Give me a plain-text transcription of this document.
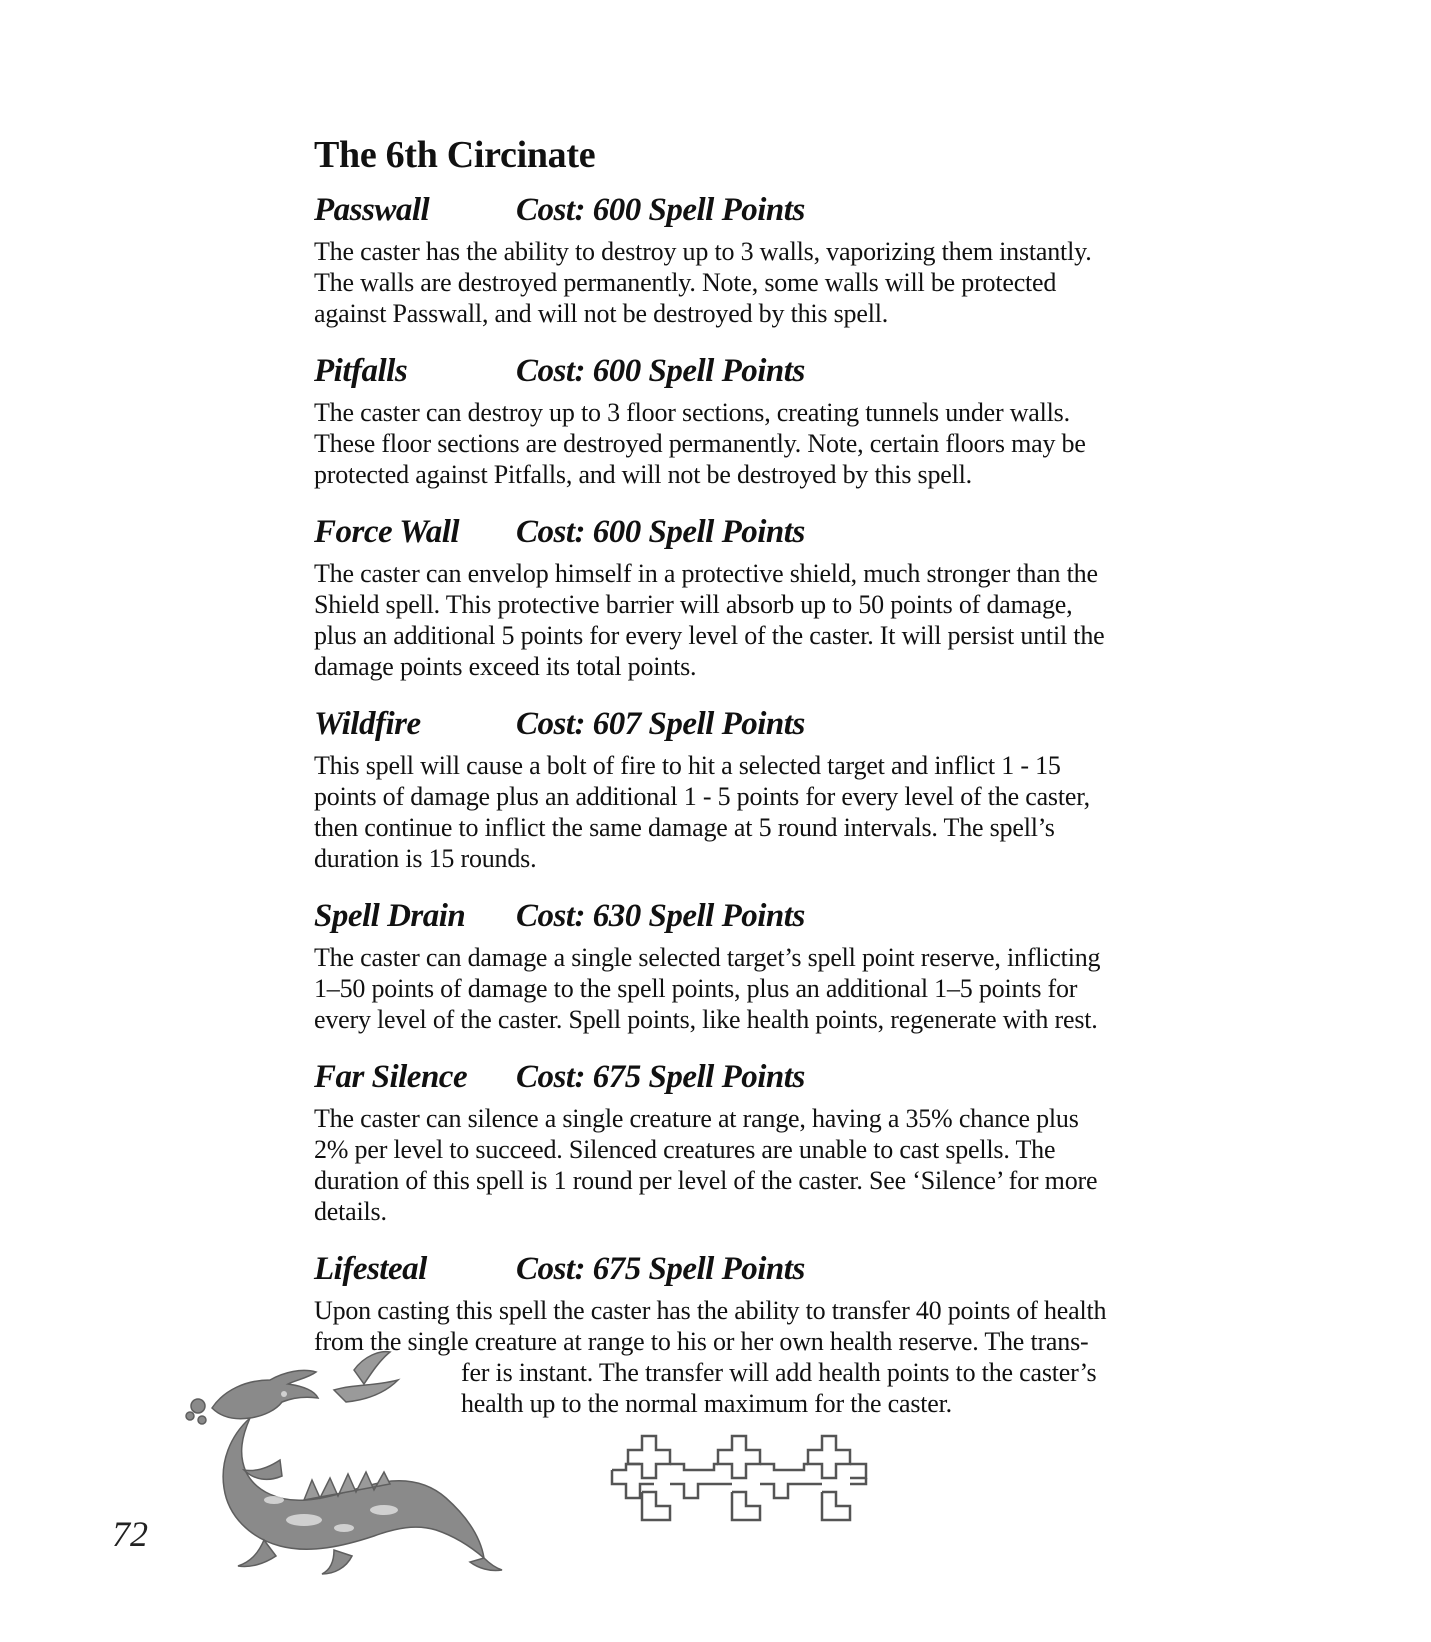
The 6th Circinate
Passwall	Cost: 600 Spell Points

The caster has the ability to destroy up to 3 walls, vaporizing them instantly.

The walls are destroyed permanently. Note, some walls will be protected

against Passwall, and will not be destroyed by this spell.

Pitfalls	Cost: 600 Spell Points

The caster can destroy up to 3 floor sections, creating tunnels under walls.

These floor sections are destroyed permanently. Note, certain floors may be

protected against Pitfalls, and will not be destroyed by this spell.

Force Wall Cost: 600 Spell Points

The caster can envelop himself in a protective shield, much stronger than the

Shield spell. This protective barrier will absorb up to 50 points of damage,

plus an additional 5 points for every level of the caster. It will persist until the

damage points exceed its total points.

Wildfire	Cost: 607 Spell Points

This spell will cause a bolt of fire to hit a selected target and inflict 1 - 15

points of damage plus an additional 1 - 5 points for every level of the caster,

then continue to inflict the same damage at 5 round intervals. The spell’s

duration is 15 rounds.

Spell Drain Cost: 630 Spell Points

The caster can damage a single selected target’s spell point reserve, inflicting

1–50 points of damage to the spell points, plus an additional 1–5 points for

every level of the caster. Spell points, like health points, regenerate with rest.

Far Silence Cost: 675 Spell Points

The caster can silence a single creature at range, having a 35% chance plus

2% per level to succeed. Silenced creatures are unable to cast spells. The

duration of this spell is 1 round per level of the caster. See ‘Silence’ for more

details.

Lifesteal	Cost: 675 Spell Points

Upon casting this spell the caster has the ability to transfer 40 points of health

from the single creature at range to his or her own health reserve. The trans-

fer is instant. The transfer will add health points to the caster’s

health up to the normal maximum for the caster.

72
